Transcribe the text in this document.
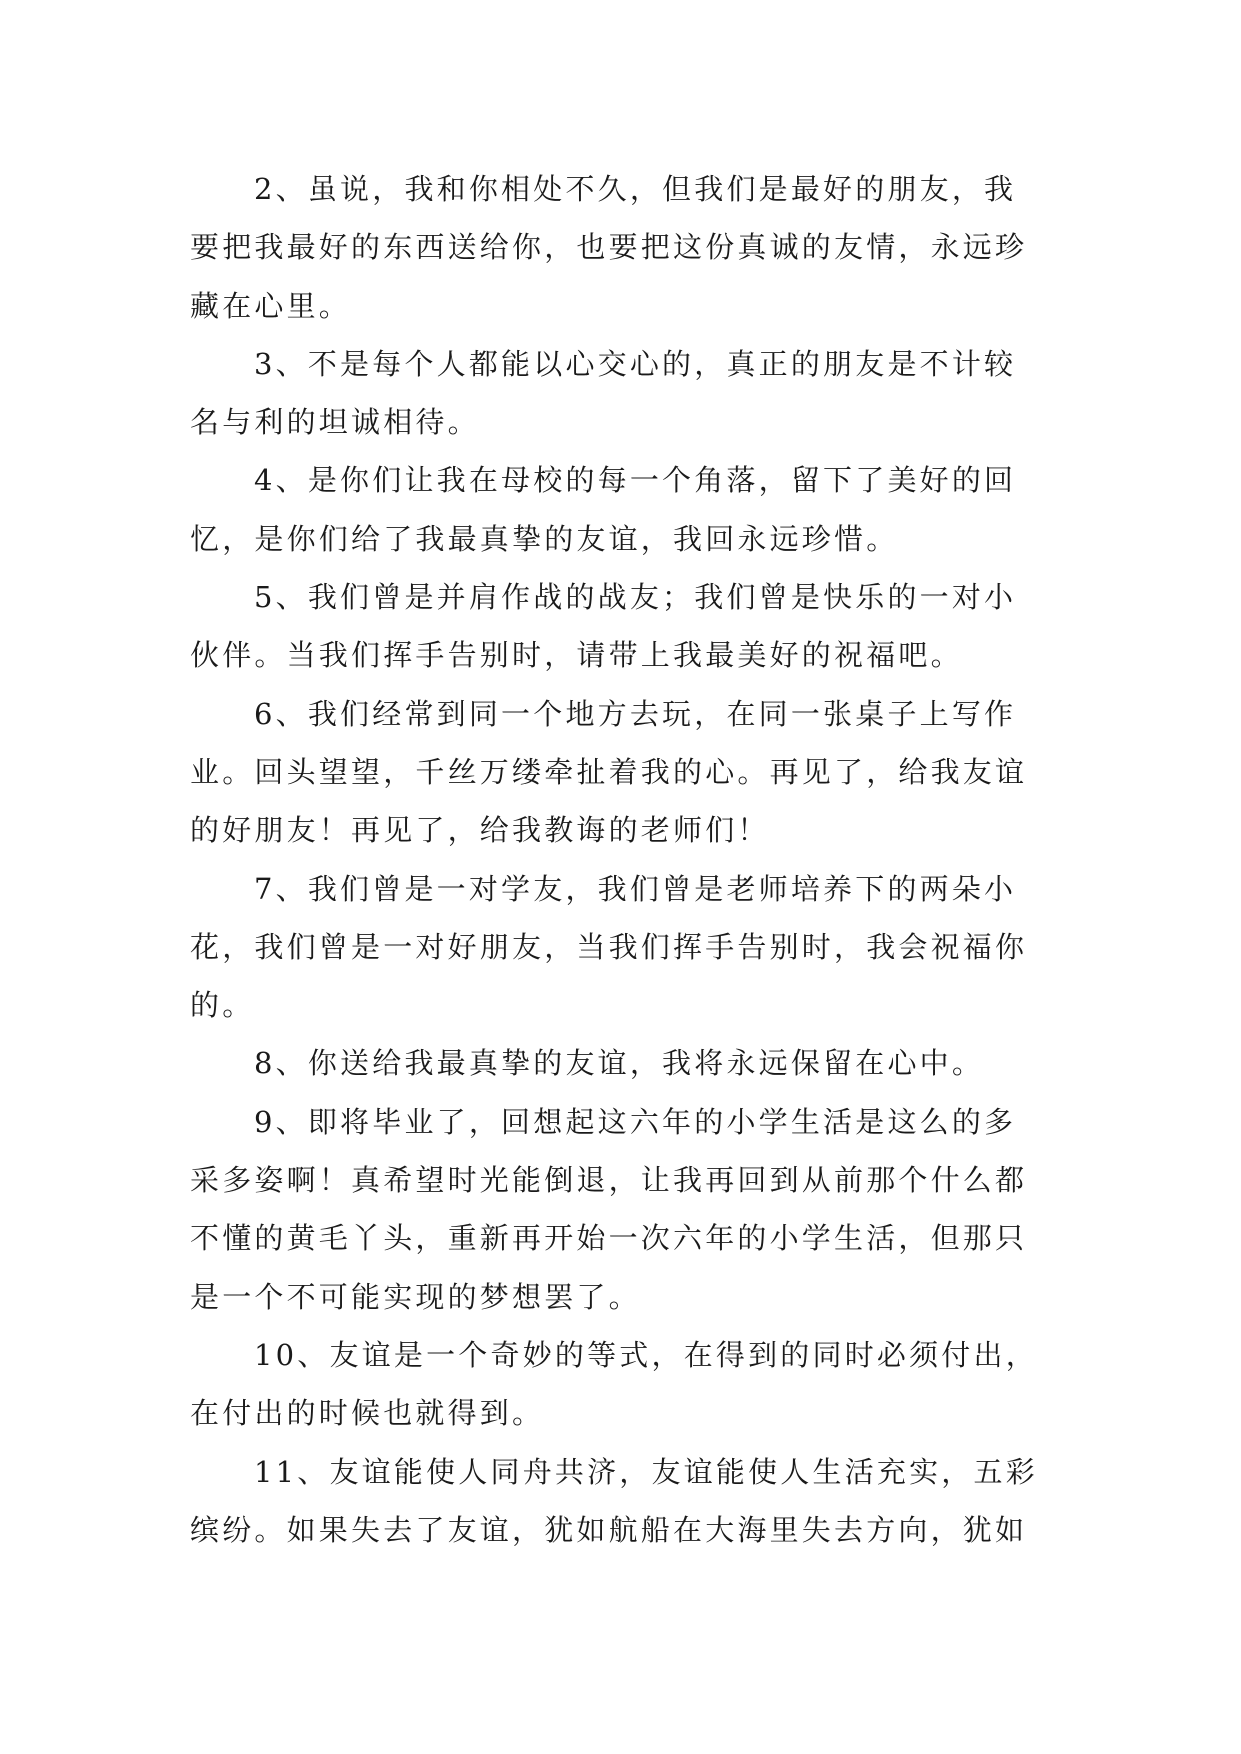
2、虽说，我和你相处不久，但我们是最好的朋友，我
要把我最好的东西送给你，也要把这份真诚的友情，永远珍
藏在心里。

3、不是每个人都能以心交心的，真正的朋友是不计较
名与利的坦诚相待。

4、是你们让我在母校的每一个角落，留下了美好的回
忆，是你们给了我最真挚的友谊，我回永远珍惜。

5、我们曾是并肩作战的战友；我们曾是快乐的一对小
伙伴。当我们挥手告别时，请带上我最美好的祝福吧。

6、我们经常到同一个地方去玩，在同一张桌子上写作
业。回头望望，千丝万缕牵扯着我的心。再见了，给我友谊
的好朋友！再见了，给我教诲的老师们！

7、我们曾是一对学友，我们曾是老师培养下的两朵小
花，我们曾是一对好朋友，当我们挥手告别时，我会祝福你
的。

8、你送给我最真挚的友谊，我将永远保留在心中。

9、即将毕业了，回想起这六年的小学生活是这么的多
采多姿啊！真希望时光能倒退，让我再回到从前那个什么都
不懂的黄毛丫头，重新再开始一次六年的小学生活，但那只
是一个不可能实现的梦想罢了。

10、友谊是一个奇妙的等式，在得到的同时必须付出，
在付出的时候也就得到。

11、友谊能使人同舟共济，友谊能使人生活充实，五彩
缤纷。如果失去了友谊，犹如航船在大海里失去方向，犹如
